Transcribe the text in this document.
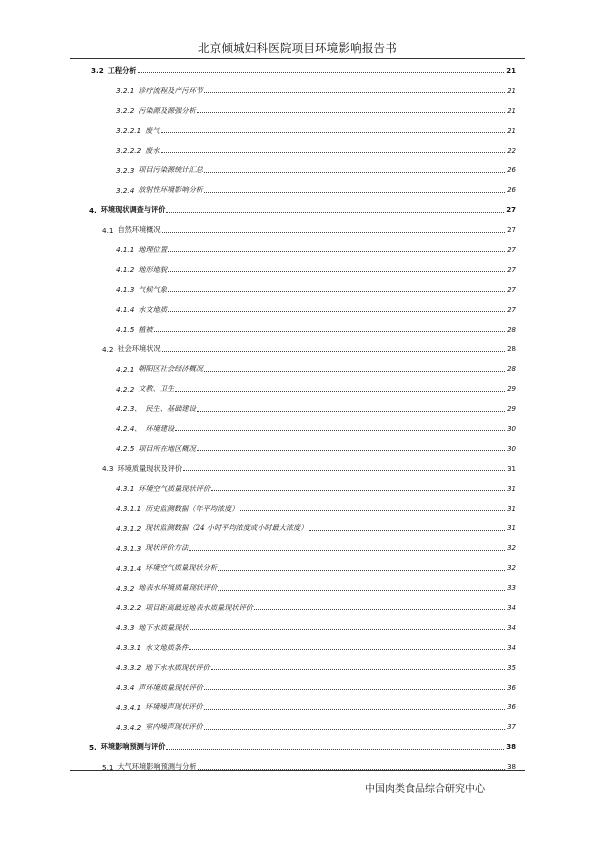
北京倾城妇科医院项目环境影响报告书
3.2 工程分析	21
3.2.1 诊疗流程及产污环节	21
3.2.2 污染源及源强分析	21
3.2.2.1 废气	21
3.2.2.2 废水	22
3.2.3 项目污染源统计汇总	26
3.2.4 放射性环境影响分析	26
4. 环境现状调查与评价	27
4.1 自然环境概况	27
4.1.1 地理位置	27
4.1.2 地形地貌	27
4.1.3 气候气象	27
4.1.4 水文地质	27
4.1.5 植被	28
4.2 社会环境状况	28
4.2.1 朝阳区社会经济概况	28
4.2.2 文教、卫生	29
4.2.3、 民生、基础建设	29
4.2.4、 环境建设	30
4.2.5 项目所在地区概况	30
4.3 环境质量现状及评价	31
4.3.1 环境空气质量现状评价	31
4.3.1.1 历史监测数据（年平均浓度）	31
4.3.1.2 现状监测数据（24 小时平均浓度或小时最大浓度）	31
4.3.1.3 现状评价方法	32
4.3.1.4 环境空气质量现状分析	32
4.3.2 地表水环境质量现状评价	33
4.3.2.2 项目距离最近地表水质量现状评价	34
4.3.3 地下水质量现状	34
4.3.3.1 水文地质条件	34
4.3.3.2 地下水水质现状评价	35
4.3.4 声环境质量现状评价	36
4.3.4.1 环境噪声现状评价	36
4.3.4.2 室内噪声现状评价	37
5. 环境影响预测与评价	38
5.1 大气环境影响预测与分析	38
中国肉类食品综合研究中心
